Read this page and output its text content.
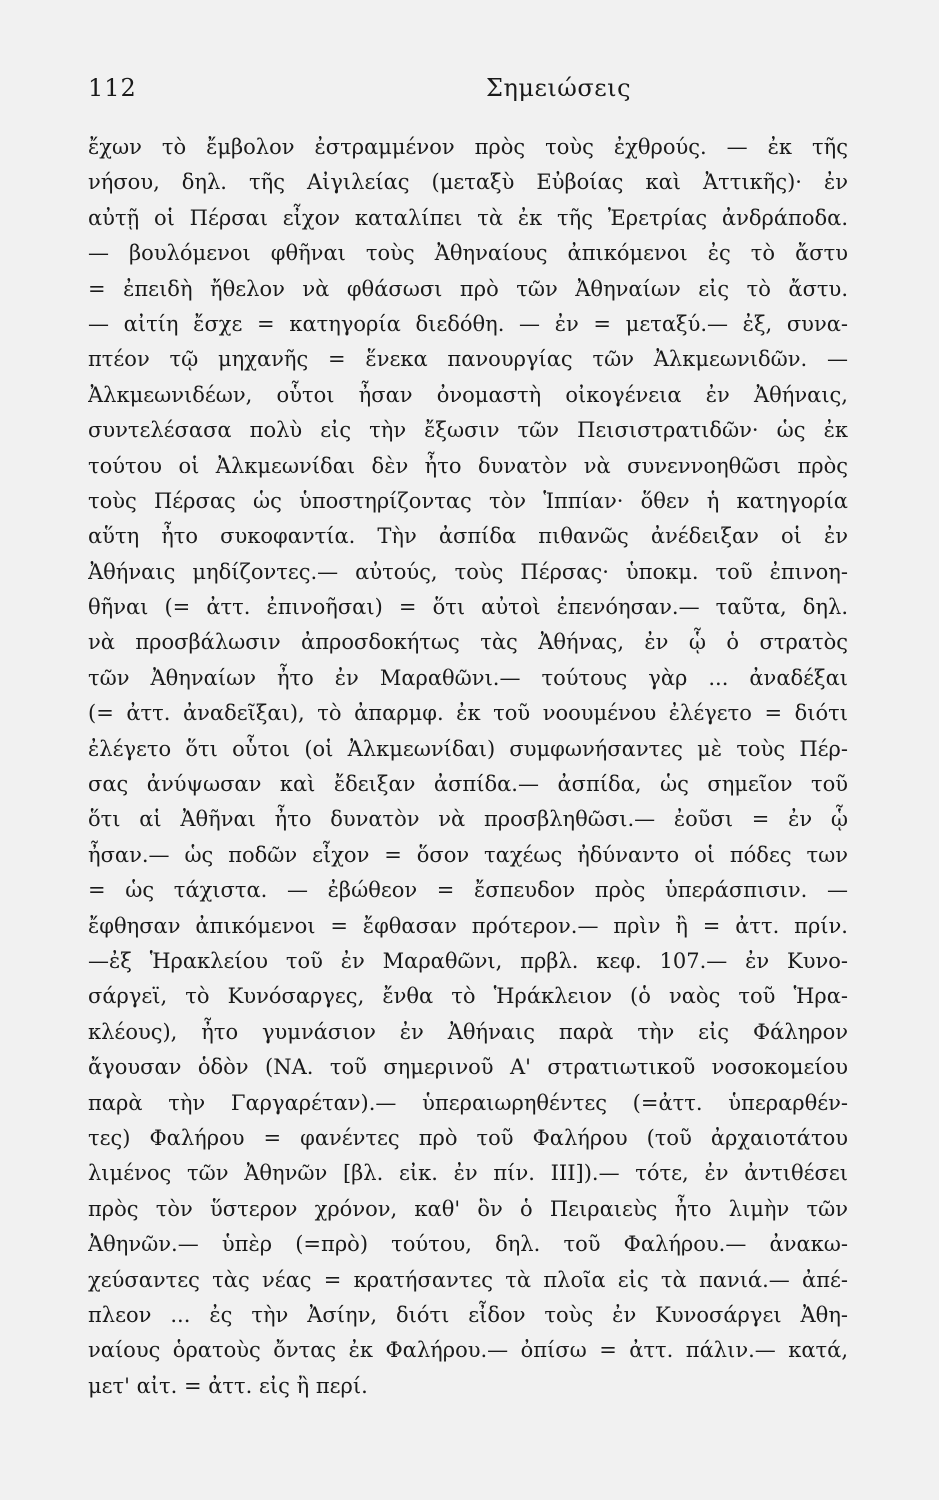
112	Σημειώσεις
ἔχων τὸ ἔμβολον ἐστραμμένον πρὸς τοὺς ἐχθρούς. — ἐκ τῆς
νήσου, δηλ. τῆς Αἰγιλείας (μεταξὺ Εὐβοίας καὶ Ἀττικῆς)· ἐν
αὐτῇ οἱ Πέρσαι εἶχον καταλίπει τὰ ἐκ τῆς Ἐρετρίας ἀνδράποδα.
— βουλόμενοι φθῆναι τοὺς Ἀθηναίους ἀπικόμενοι ἐς τὸ ἄστυ
= ἐπειδὴ ἤθελον νὰ φθάσωσι πρὸ τῶν Ἀθηναίων εἰς τὸ ἄστυ.
— αἰτίη ἔσχε = κατηγορία διεδόθη. — ἐν = μεταξύ.— ἐξ, συνα-
πτέον τῷ μηχανῆς = ἕνεκα πανουργίας τῶν Ἀλκμεωνιδῶν. —
Ἀλκμεωνιδέων, οὗτοι ἦσαν ὀνομαστὴ οἰκογένεια ἐν Ἀθήναις,
συντελέσασα πολὺ εἰς τὴν ἔξωσιν τῶν Πεισιστρατιδῶν· ὡς ἐκ
τούτου οἱ Ἀλκμεωνίδαι δὲν ἦτο δυνατὸν νὰ συνεννοηθῶσι πρὸς
τοὺς Πέρσας ὡς ὑποστηρίζοντας τὸν Ἱππίαν· ὅθεν ἡ κατηγορία
αὕτη ἦτο συκοφαντία. Τὴν ἀσπίδα πιθανῶς ἀνέδειξαν οἱ ἐν
Ἀθήναις μηδίζοντες.— αὐτούς, τοὺς Πέρσας· ὑποκμ. τοῦ ἐπινοη-
θῆναι (= ἀττ. ἐπινοῆσαι) = ὅτι αὐτοὶ ἐπενόησαν.— ταῦτα, δηλ.
νὰ προσβάλωσιν ἀπροσδοκήτως τὰς Ἀθήνας, ἐν ᾧ ὁ στρατὸς
τῶν Ἀθηναίων ἦτο ἐν Μαραθῶνι.— τούτους γὰρ ... ἀναδέξαι
(= ἀττ. ἀναδεῖξαι), τὸ ἀπαρμφ. ἐκ τοῦ νοουμένου ἐλέγετο = διότι
ἐλέγετο ὅτι οὗτοι (οἱ Ἀλκμεωνίδαι) συμφωνήσαντες μὲ τοὺς Πέρ-
σας ἀνύψωσαν καὶ ἔδειξαν ἀσπίδα.— ἀσπίδα, ὡς σημεῖον τοῦ
ὅτι αἱ Ἀθῆναι ἦτο δυνατὸν νὰ προσβληθῶσι.— ἐοῦσι = ἐν ᾧ
ἦσαν.— ὡς ποδῶν εἶχον = ὅσον ταχέως ἠδύναντο οἱ πόδες των
= ὡς τάχιστα. — ἐβώθεον = ἔσπευδον πρὸς ὑπεράσπισιν. —
ἔφθησαν ἀπικόμενοι = ἔφθασαν πρότερον.— πρὶν ἢ = ἀττ. πρίν.
—ἐξ Ἡρακλείου τοῦ ἐν Μαραθῶνι, πρβλ. κεφ. 107.— ἐν Κυνο-
σάργεϊ, τὸ Κυνόσαργες, ἔνθα τὸ Ἡράκλειον (ὁ ναὸς τοῦ Ἡρα-
κλέους), ἦτο γυμνάσιον ἐν Ἀθήναις παρὰ τὴν εἰς Φάληρον
ἄγουσαν ὁδὸν (ΝΑ. τοῦ σημερινοῦ Α' στρατιωτικοῦ νοσοκομείου
παρὰ τὴν Γαργαρέταν).— ὑπεραιωρηθέντες (=ἀττ. ὑπεραρθέν-
τες) Φαλήρου = φανέντες πρὸ τοῦ Φαλήρου (τοῦ ἀρχαιοτάτου
λιμένος τῶν Ἀθηνῶν [βλ. εἰκ. ἐν πίν. III]).— τότε, ἐν ἀντιθέσει
πρὸς τὸν ὕστερον χρόνον, καθ' ὃν ὁ Πειραιεὺς ἦτο λιμὴν τῶν
Ἀθηνῶν.— ὑπὲρ (=πρὸ) τούτου, δηλ. τοῦ Φαλήρου.— ἀνακω-
χεύσαντες τὰς νέας = κρατήσαντες τὰ πλοῖα εἰς τὰ πανιά.— ἀπέ-
πλεον ... ἐς τὴν Ἀσίην, διότι εἶδον τοὺς ἐν Κυνοσάργει Ἀθη-
ναίους ὁρατοὺς ὄντας ἐκ Φαλήρου.— ὀπίσω = ἀττ. πάλιν.— κατά,
μετ' αἰτ. = ἀττ. εἰς ἢ περί.
